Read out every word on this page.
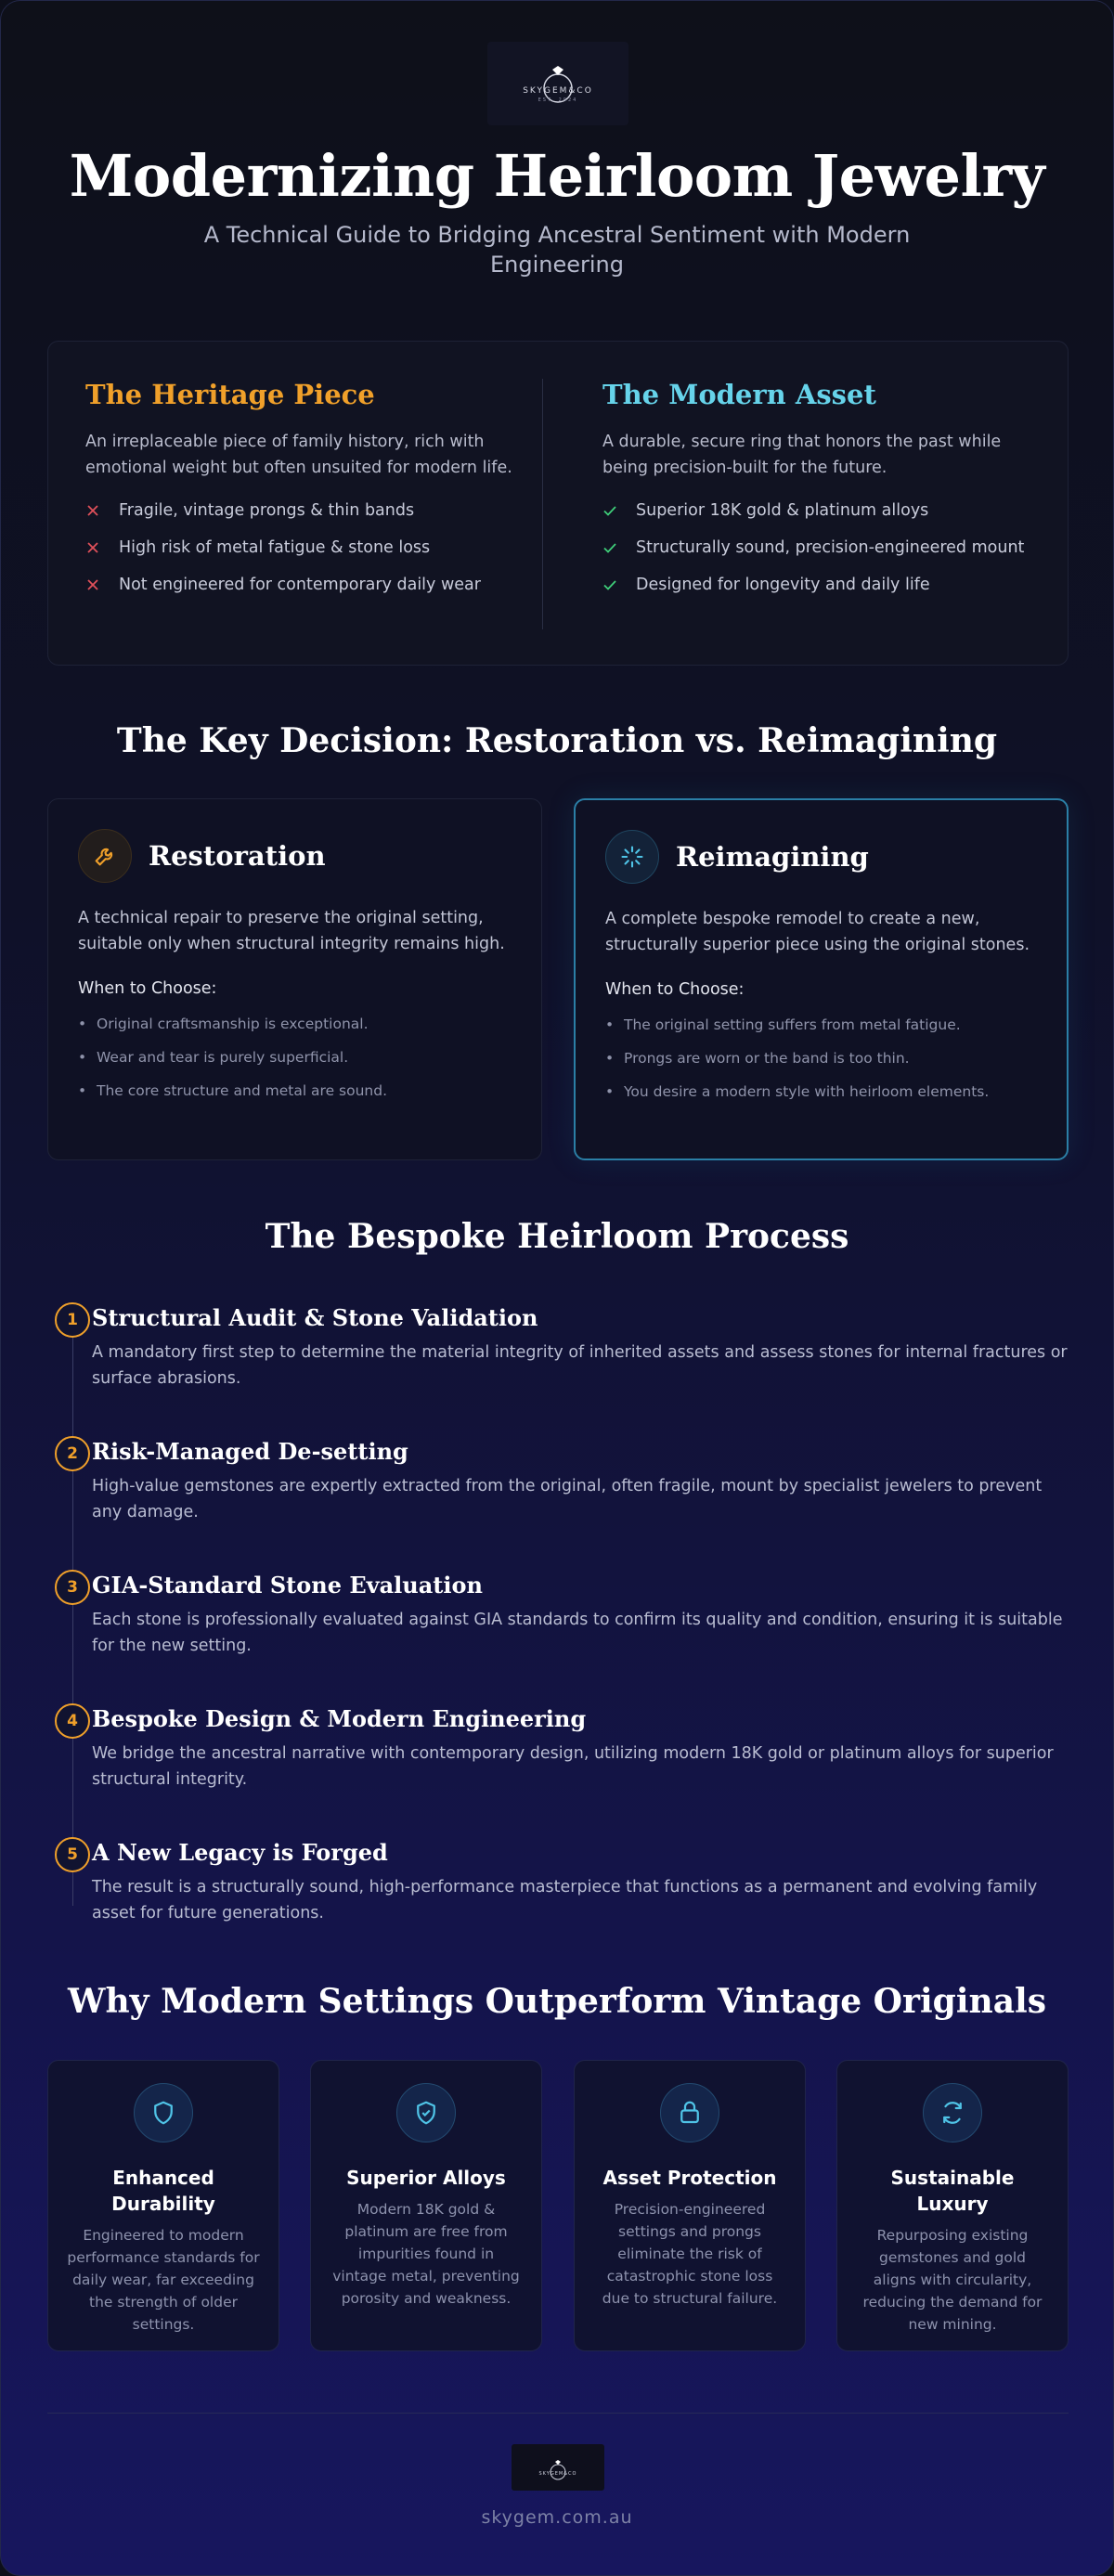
SKYGEM&CO
EST. 2024
Modernizing Heirloom Jewelry
A Technical Guide to Bridging Ancestral Sentiment with Modern Engineering
The Heritage Piece
An irreplaceable piece of family history, rich with emotional weight but often unsuited for modern life.
Fragile, vintage prongs & thin bands
High risk of metal fatigue & stone loss
Not engineered for contemporary daily wear
The Modern Asset
A durable, secure ring that honors the past while being precision-built for the future.
Superior 18K gold & platinum alloys
Structurally sound, precision-engineered mount
Designed for longevity and daily life
The Key Decision: Restoration vs. Reimagining
Restoration
A technical repair to preserve the original setting, suitable only when structural integrity remains high.
When to Choose:
• Original craftsmanship is exceptional.
• Wear and tear is purely superficial.
• The core structure and metal are sound.
Reimagining
A complete bespoke remodel to create a new, structurally superior piece using the original stones.
When to Choose:
• The original setting suffers from metal fatigue.
• Prongs are worn or the band is too thin.
• You desire a modern style with heirloom elements.
The Bespoke Heirloom Process
1 Structural Audit & Stone Validation

A mandatory first step to determine the material integrity of inherited assets and assess stones for internal fractures or surface abrasions.

2 Risk-Managed De-setting

High-value gemstones are expertly extracted from the original, often fragile, mount by specialist jewelers to prevent any damage.

3 GIA-Standard Stone Evaluation

Each stone is professionally evaluated against GIA standards to confirm its quality and condition, ensuring it is suitable for the new setting.

4 Bespoke Design & Modern Engineering

We bridge the ancestral narrative with contemporary design, utilizing modern 18K gold or platinum alloys for superior structural integrity.

5 A New Legacy is Forged

The result is a structurally sound, high-performance masterpiece that functions as a permanent and evolving family asset for future generations.

Why Modern Settings Outperform Vintage Originals
Enhanced Durability

Engineered to modern performance standards for daily wear, far exceeding the strength of older settings.

Superior Alloys

Modern 18K gold & platinum are free from impurities found in vintage metal, preventing porosity and weakness.

Asset Protection

Precision-engineered settings and prongs eliminate the risk of catastrophic stone loss due to structural failure.

Sustainable Luxury

Repurposing existing gemstones and gold aligns with circularity, reducing the demand for new mining.

SKYGEM&CO
skygem.com.au
